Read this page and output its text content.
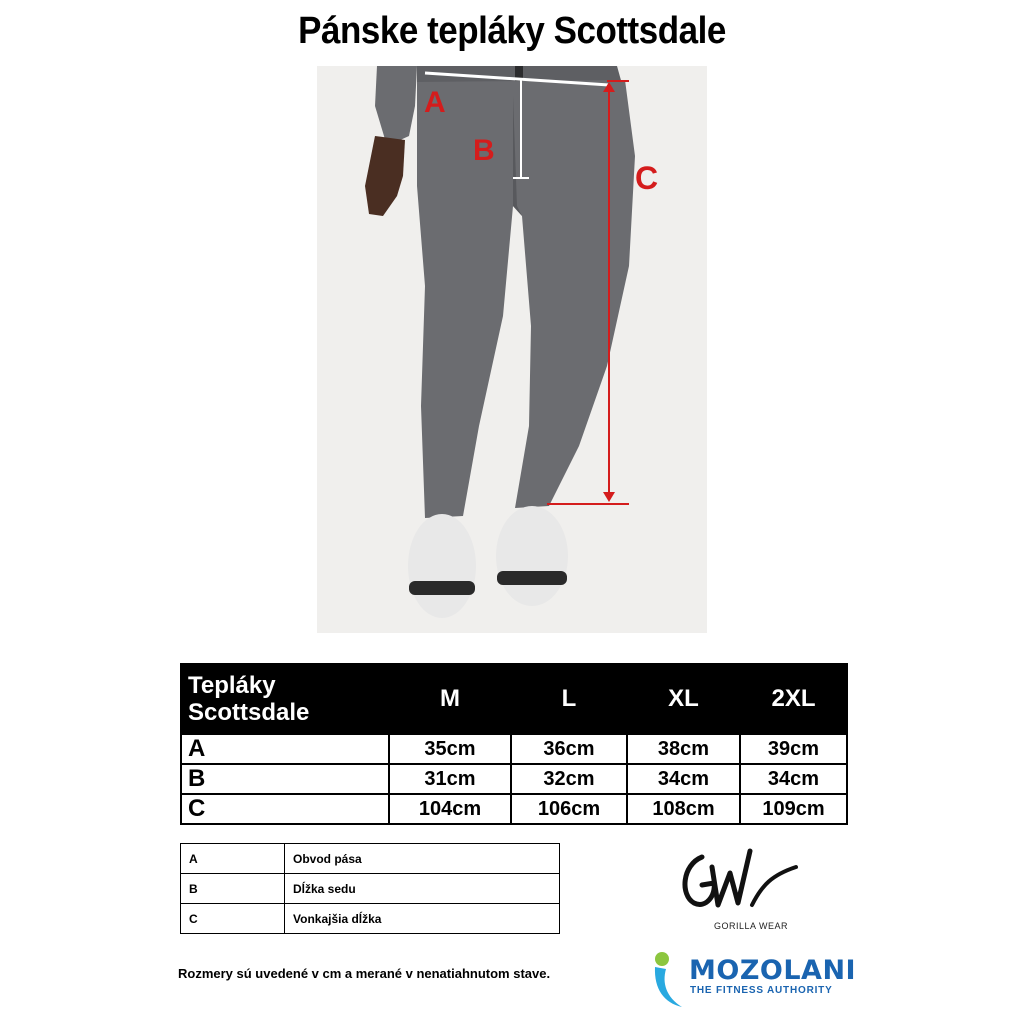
Pánske tepláky Scottsdale
A
B
C
Tepláky
Scottsdale	M	L	XL	2XL
A	35cm	36cm	38cm	39cm
B	31cm	32cm	34cm	34cm
C	104cm	106cm	108cm	109cm
A	Obvod pása
B	Dĺžka sedu
C	Vonkajšia dĺžka
Rozmery sú uvedené v cm a merané v nenatiahnutom stave.
GORILLA WEAR
MOZOLANI
THE FITNESS AUTHORITY
